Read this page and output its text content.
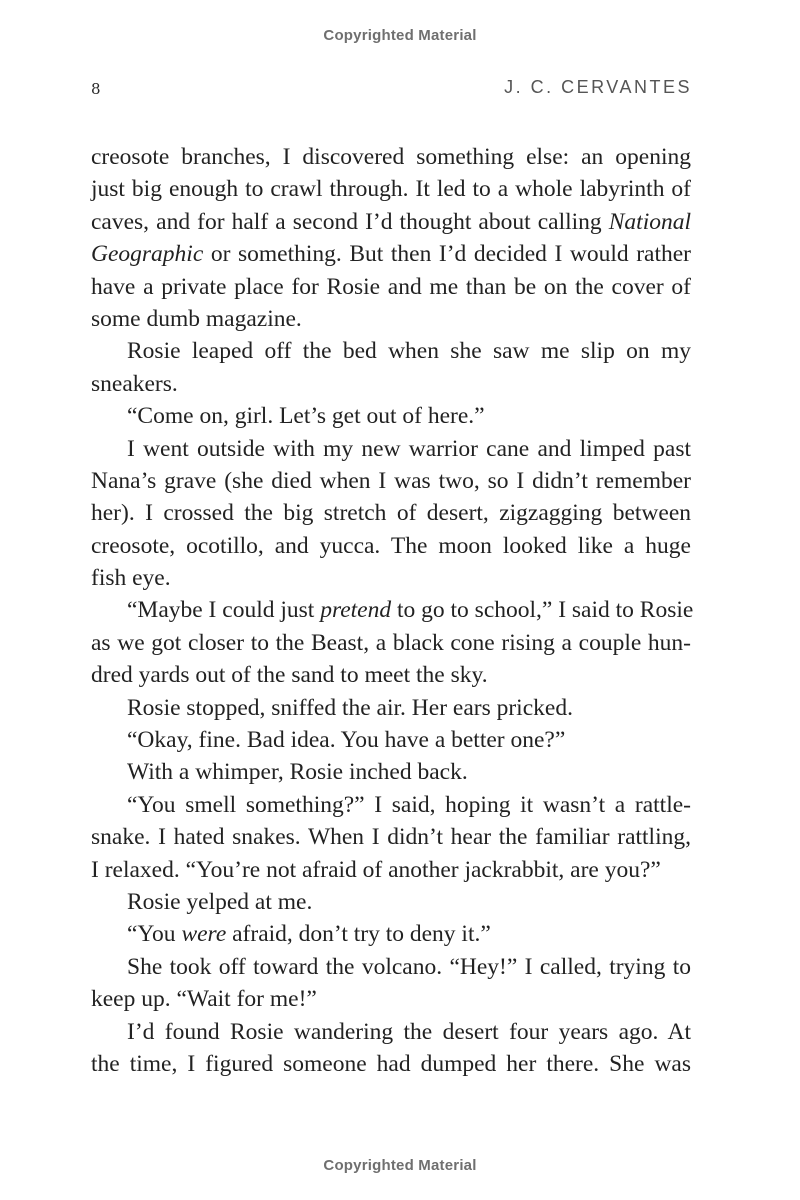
Copyrighted Material
8	J. C. CERVANTES
creosote branches, I discovered something else: an opening
just big enough to crawl through. It led to a whole labyrinth of
caves, and for half a second I’d thought about calling National
Geographic or something. But then I’d decided I would rather
have a private place for Rosie and me than be on the cover of
some dumb magazine.
Rosie leaped off the bed when she saw me slip on my
sneakers.
“Come on, girl. Let’s get out of here.”
I went outside with my new warrior cane and limped past
Nana’s grave (she died when I was two, so I didn’t remember
her). I crossed the big stretch of desert, zigzagging between
creosote, ocotillo, and yucca. The moon looked like a huge
fish eye.
“Maybe I could just pretend to go to school,” I said to Rosie
as we got closer to the Beast, a black cone rising a couple hun-
dred yards out of the sand to meet the sky.
Rosie stopped, sniffed the air. Her ears pricked.
“Okay, fine. Bad idea. You have a better one?”
With a whimper, Rosie inched back.
“You smell something?” I said, hoping it wasn’t a rattle-
snake. I hated snakes. When I didn’t hear the familiar rattling,
I relaxed. “You’re not afraid of another jackrabbit, are you?”
Rosie yelped at me.
“You were afraid, don’t try to deny it.”
She took off toward the volcano. “Hey!” I called, trying to
keep up. “Wait for me!”
I’d found Rosie wandering the desert four years ago. At
the time, I figured someone had dumped her there. She was
Copyrighted Material
